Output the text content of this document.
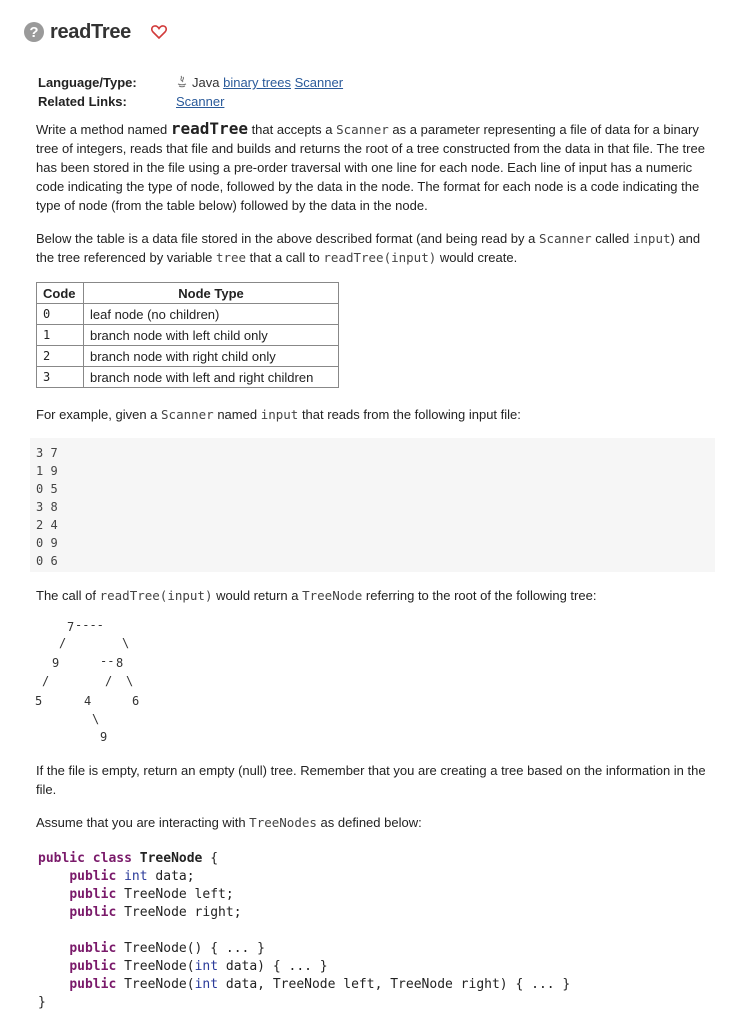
? readTree
Language/Type:	Java binary trees Scanner
Related Links:	Scanner
Write a method named readTree that accepts a Scanner as a parameter representing a file of data for a binary tree of integers, reads that file and builds and returns the root of a tree constructed from the data in that file. The tree has been stored in the file using a pre-order traversal with one line for each node. Each line of input has a numeric code indicating the type of node, followed by the data in the node. The format for each node is a code indicating the type of node (from the table below) followed by the data in the node.
Below the table is a data file stored in the above described format (and being read by a Scanner called input) and the tree referenced by variable tree that a call to readTree(input) would create.
Code	Node Type
0	leaf node (no children)
1	branch node with left child only
2	branch node with right child only
3	branch node with left and right children
For example, given a Scanner named input that reads from the following input file:
3 7
1 9
0 5
3 8
2 4
0 9
0 6
The call of readTree(input) would return a TreeNode referring to the root of the following tree:
7 ----
/	\
9	-- 8
/	/ \
5	4	6
\
9
If the file is empty, return an empty (null) tree. Remember that you are creating a tree based on the information in the file.
Assume that you are interacting with TreeNodes as defined below:
public class TreeNode {
public int data;
public TreeNode left;
public TreeNode right;

public TreeNode() { ... }
public TreeNode(int data) { ... }
public TreeNode(int data, TreeNode left, TreeNode right) { ... }
}
